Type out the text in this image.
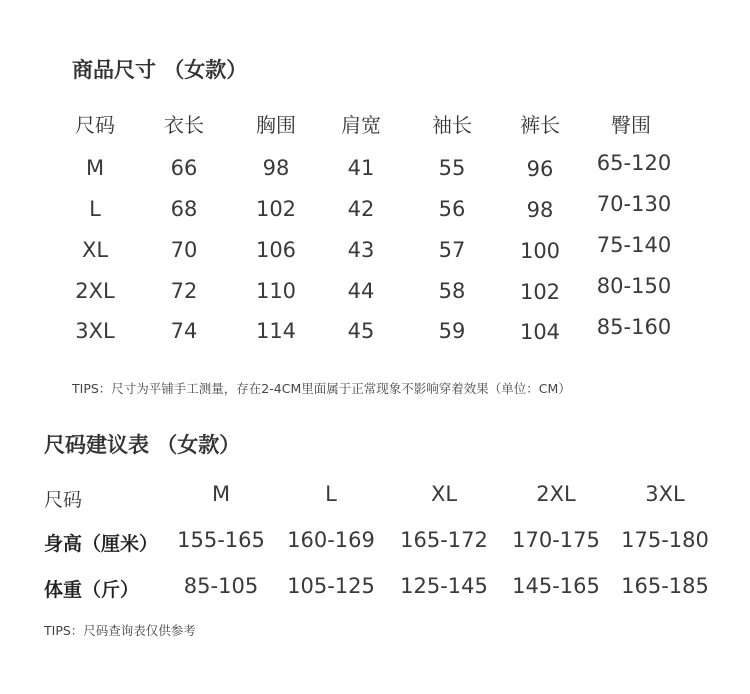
商品尺寸 （女款）
尺码	衣长	胸围	肩宽	袖长	裤长	臀围
M	66	98	41	55	96	65-120
L	68	102	42	56	98	70-130
XL	70	106	43	57	100	75-140
2XL	72	110	44	58	102	80-150
3XL	74	114	45	59	104	85-160
TIPS：尺寸为平铺手工测量，存在2-4CM里面属于正常现象不影响穿着效果（单位：CM）
尺码建议表 （女款）
尺码	M	L	XL	2XL	3XL
身高（厘米） 155-165	160-169	165-172	170-175	175-180
体重（斤）	85-105	105-125	125-145	145-165	165-185
TIPS：尺码查询表仅供参考
